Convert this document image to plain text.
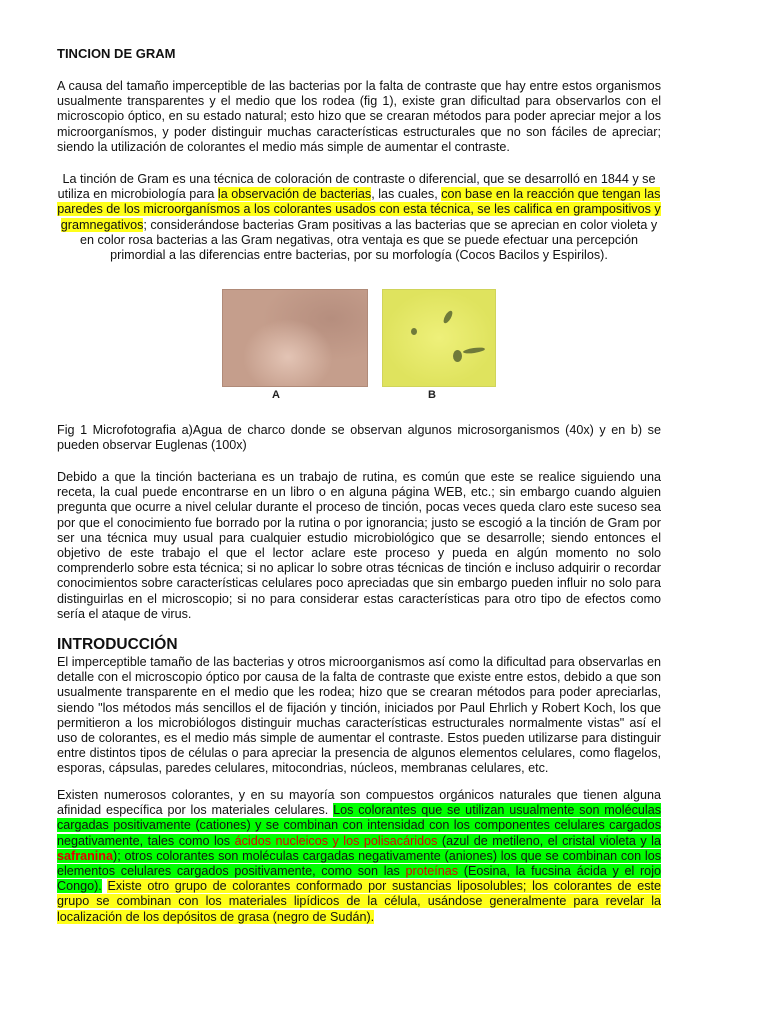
TINCION DE GRAM

A causa del tamaño imperceptible de las bacterias por la falta de contraste que hay entre estos organismos usualmente transparentes y el medio que los rodea (fig 1), existe gran dificultad para observarlos con el microscopio óptico, en su estado natural; esto hizo que se crearan métodos para poder apreciar mejor a los microorganísmos, y poder distinguir muchas características estructurales que no son fáciles de apreciar; siendo la utilización de colorantes el medio más simple de aumentar el contraste.

La tinción de Gram es una técnica de coloración de contraste o diferencial, que se desarrolló en 1844 y se utiliza en microbiología para la observación de bacterias, las cuales, con base en la reacción que tengan las paredes de los microorganísmos a los colorantes usados con esta técnica, se les califica en grampositivos y gramnegativos; considerándose bacterias Gram positivas a las bacterias que se aprecian en color violeta y en color rosa bacterias a las Gram negativas, otra ventaja es que se puede efectuar una percepción primordial a las diferencias entre bacterias, por su morfología (Cocos Bacilos y Espirilos).

A	B

Fig 1 Microfotografia a)Agua de charco donde se observan algunos microsorganismos (40x) y en b) se pueden observar Euglenas (100x)

Debido a que la tinción bacteriana es un trabajo de rutina, es común que este se realice siguiendo una receta, la cual puede encontrarse en un libro o en alguna página WEB, etc.; sin embargo cuando alguien pregunta que ocurre a nivel celular durante el proceso de tinción, pocas veces queda claro este suceso sea por que el conocimiento fue borrado por la rutina o por ignorancia; justo se escogió a la tinción de Gram por ser una técnica muy usual para cualquier estudio microbiológico que se desarrolle; siendo entonces el objetivo de este trabajo el que el lector aclare este proceso y pueda en algún momento no solo comprenderlo sobre esta técnica; si no aplicar lo sobre otras técnicas de tinción e incluso adquirir o recordar conocimientos sobre características celulares poco apreciadas que sin embargo pueden influir no solo para distinguirlas en el microscopio; si no para considerar estas características para otro tipo de efectos como sería el ataque de virus.

INTRODUCCIÓN

El imperceptible tamaño de las bacterias y otros microorganismos así como la dificultad para observarlas en detalle con el microscopio óptico por causa de la falta de contraste que existe entre estos, debido a que son usualmente transparente en el medio que les rodea; hizo que se crearan métodos para poder apreciarlas, siendo "los métodos más sencillos el de fijación y tinción, iniciados por Paul Ehrlich y Robert Koch, los que permitieron a los microbiólogos distinguir muchas características estructurales normalmente vistas" así el uso de colorantes, es el medio más simple de aumentar el contraste. Estos pueden utilizarse para distinguir entre distintos tipos de células o para apreciar la presencia de algunos elementos celulares, como flagelos, esporas, cápsulas, paredes celulares, mitocondrias, núcleos, membranas celulares, etc.

Existen numerosos colorantes, y en su mayoría son compuestos orgánicos naturales que tienen alguna afinidad específica por los materiales celulares. Los colorantes que se utilizan usualmente son moléculas cargadas positivamente (cationes) y se combinan con intensidad con los componentes celulares cargados negativamente, tales como los ácidos nucleicos y los polisacáridos (azul de metileno, el cristal violeta y la safranina); otros colorantes son moléculas cargadas negativamente (aniones) los que se combinan con los elementos celulares cargados positivamente, como son las proteínas (Eosina, la fucsina ácida y el rojo Congo). Existe otro grupo de colorantes conformado por sustancias liposolubles; los colorantes de este grupo se combinan con los materiales lipídicos de la célula, usándose generalmente para revelar la localización de los depósitos de grasa (negro de Sudán).
